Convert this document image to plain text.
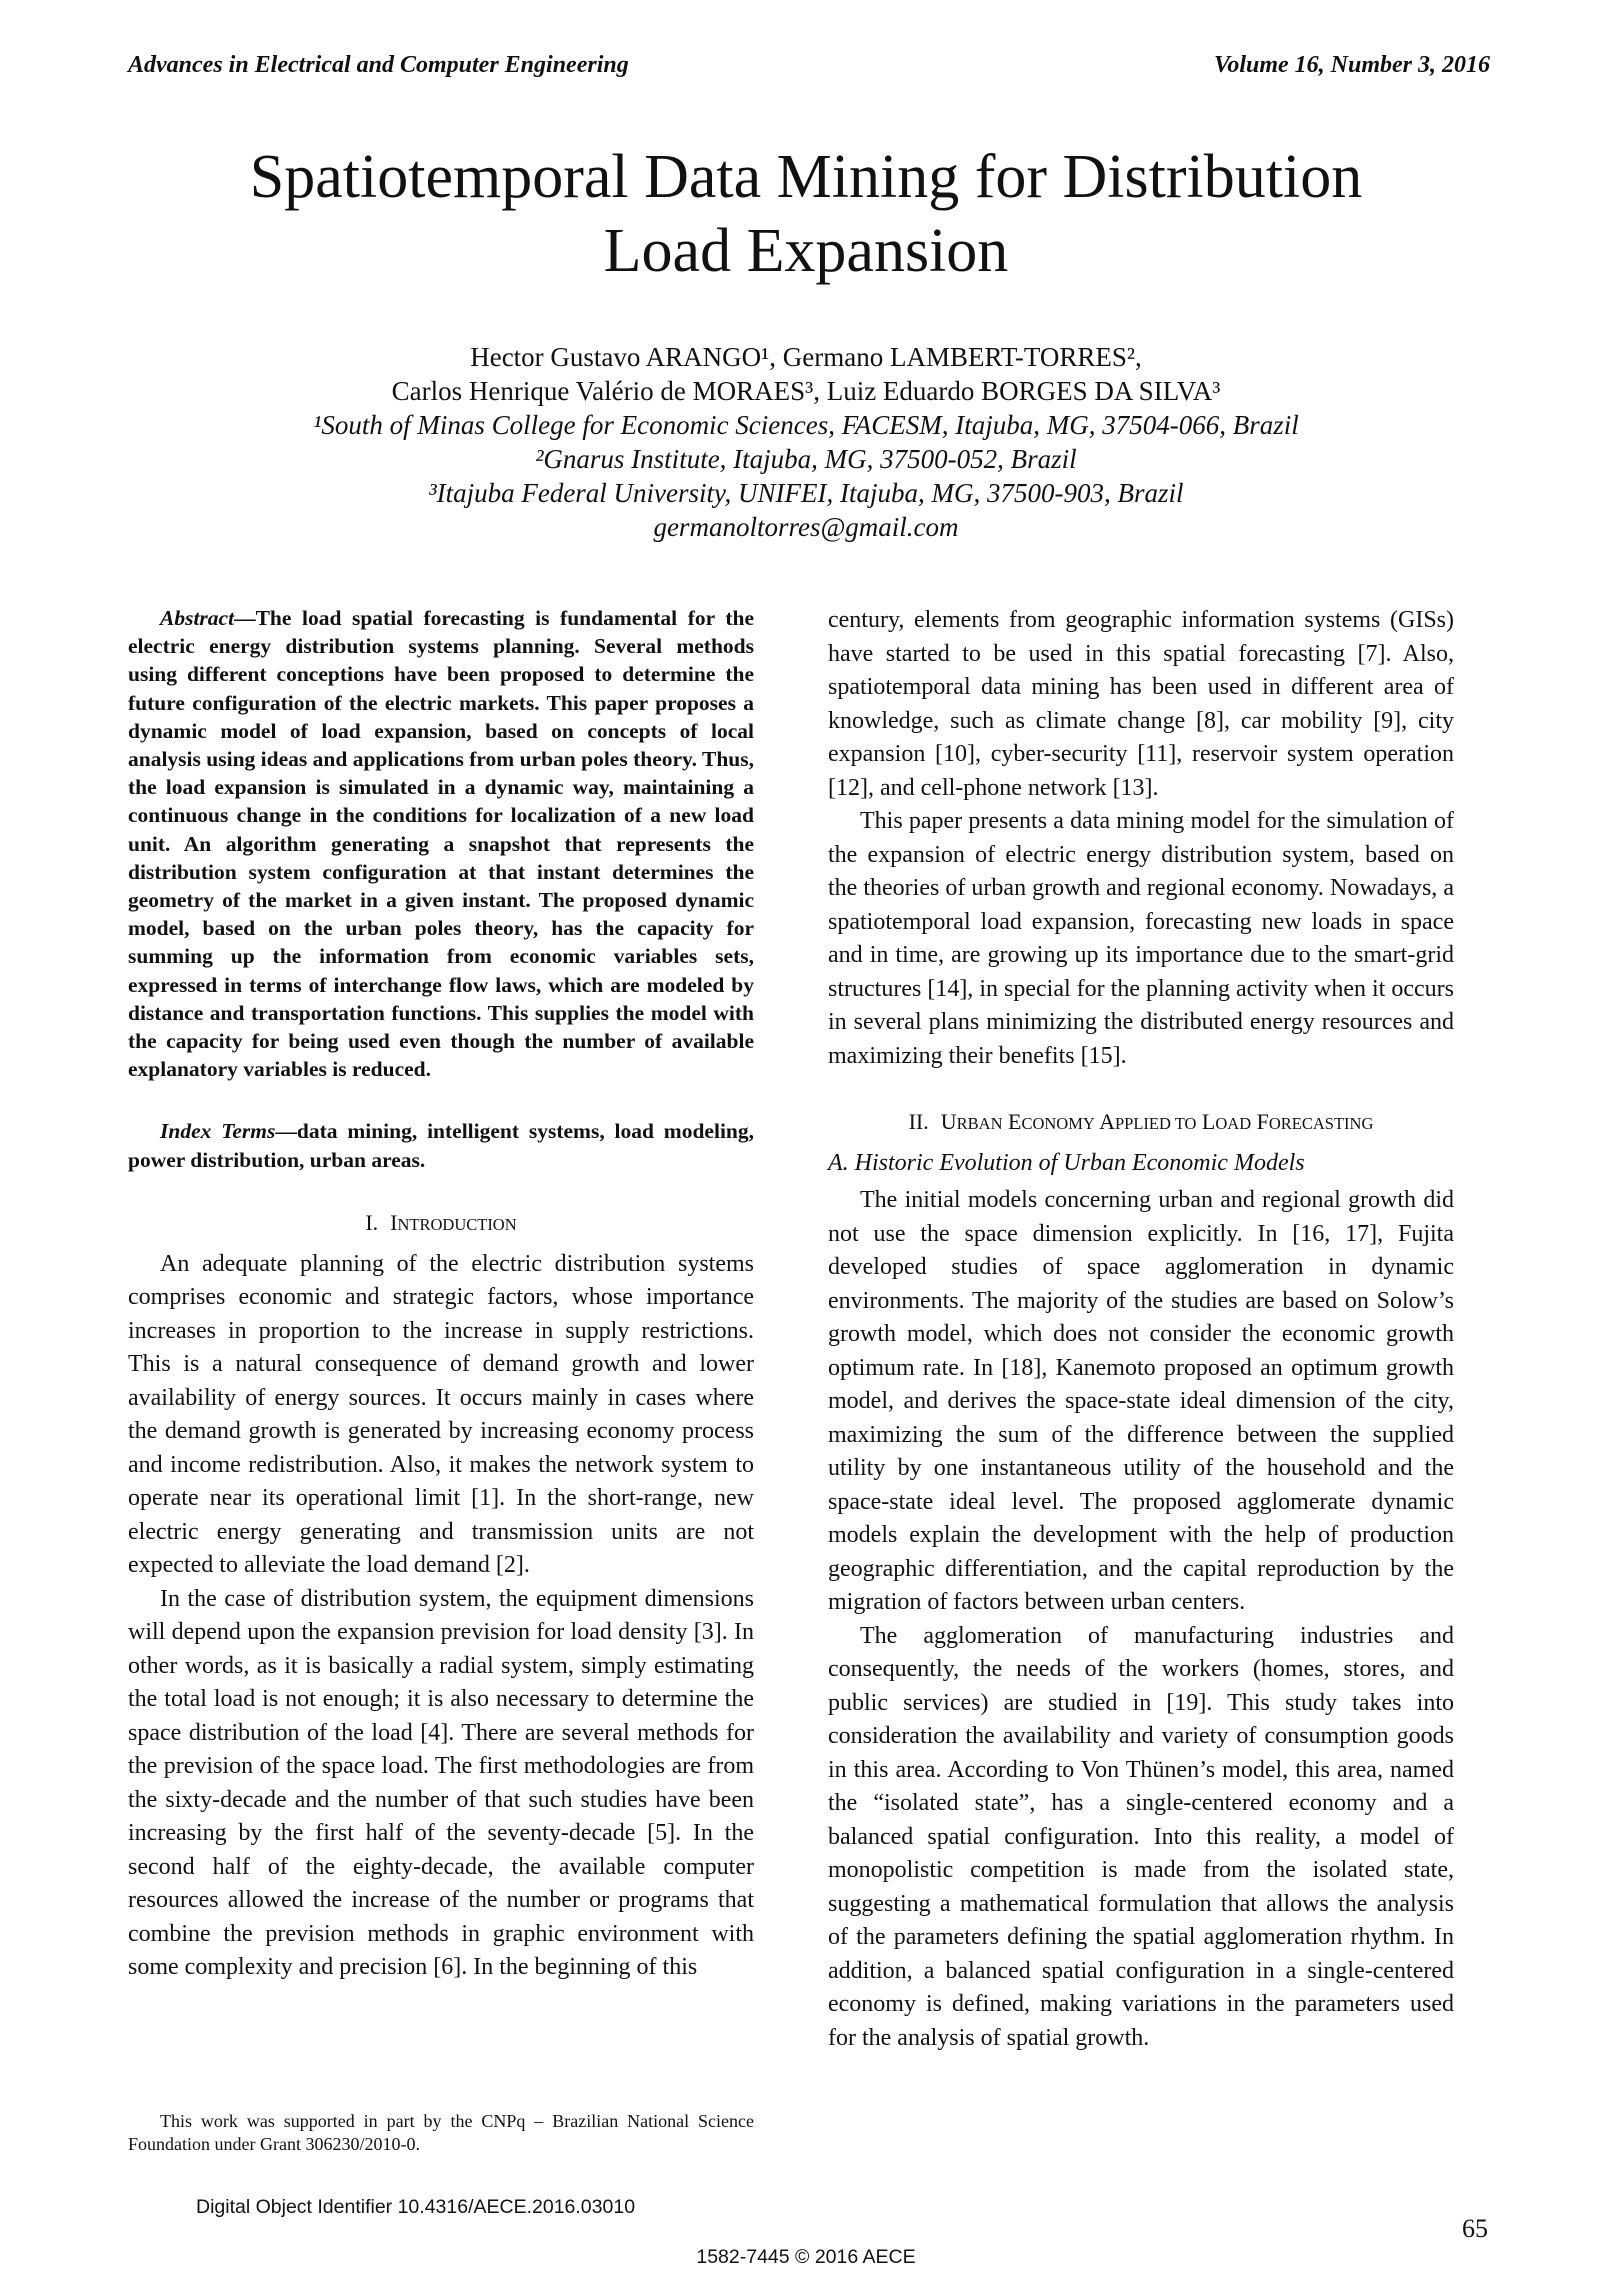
Advances in Electrical and Computer Engineering	Volume 16, Number 3, 2016
Spatiotemporal Data Mining for Distribution
Load Expansion
Hector Gustavo ARANGO¹, Germano LAMBERT-TORRES²,
Carlos Henrique Valério de MORAES³, Luiz Eduardo BORGES DA SILVA³
¹South of Minas College for Economic Sciences, FACESM, Itajuba, MG, 37504-066, Brazil
²Gnarus Institute, Itajuba, MG, 37500-052, Brazil
³Itajuba Federal University, UNIFEI, Itajuba, MG, 37500-903, Brazil
germanoltorres@gmail.com

Abstract—The load spatial forecasting is fundamental for the electric energy distribution systems planning. Several methods using different conceptions have been proposed to determine the future configuration of the electric markets. This paper proposes a dynamic model of load expansion, based on concepts of local analysis using ideas and applications from urban poles theory. Thus, the load expansion is simulated in a dynamic way, maintaining a continuous change in the conditions for localization of a new load unit. An algorithm generating a snapshot that represents the distribution system configuration at that instant determines the geometry of the market in a given instant. The proposed dynamic model, based on the urban poles theory, has the capacity for summing up the information from economic variables sets, expressed in terms of interchange flow laws, which are modeled by distance and transportation functions. This supplies the model with the capacity for being used even though the number of available explanatory variables is reduced.

Index Terms—data mining, intelligent systems, load modeling, power distribution, urban areas.

I. INTRODUCTION

An adequate planning of the electric distribution systems comprises economic and strategic factors, whose importance increases in proportion to the increase in supply restrictions. This is a natural consequence of demand growth and lower availability of energy sources. It occurs mainly in cases where the demand growth is generated by increasing economy process and income redistribution. Also, it makes the network system to operate near its operational limit [1]. In the short-range, new electric energy generating and transmission units are not expected to alleviate the load demand [2].

In the case of distribution system, the equipment dimensions will depend upon the expansion prevision for load density [3]. In other words, as it is basically a radial system, simply estimating the total load is not enough; it is also necessary to determine the space distribution of the load [4]. There are several methods for the prevision of the space load. The first methodologies are from the sixty-decade and the number of that such studies have been increasing by the first half of the seventy-decade [5]. In the second half of the eighty-decade, the available computer resources allowed the increase of the number or programs that combine the prevision methods in graphic environment with some complexity and precision [6]. In the beginning of this

century, elements from geographic information systems (GISs) have started to be used in this spatial forecasting [7]. Also, spatiotemporal data mining has been used in different area of knowledge, such as climate change [8], car mobility [9], city expansion [10], cyber-security [11], reservoir system operation [12], and cell-phone network [13].

This paper presents a data mining model for the simulation of the expansion of electric energy distribution system, based on the theories of urban growth and regional economy. Nowadays, a spatiotemporal load expansion, forecasting new loads in space and in time, are growing up its importance due to the smart-grid structures [14], in special for the planning activity when it occurs in several plans minimizing the distributed energy resources and maximizing their benefits [15].

II. URBAN ECONOMY APPLIED TO LOAD FORECASTING
A. Historic Evolution of Urban Economic Models

The initial models concerning urban and regional growth did not use the space dimension explicitly. In [16, 17], Fujita developed studies of space agglomeration in dynamic environments. The majority of the studies are based on Solow’s growth model, which does not consider the economic growth optimum rate. In [18], Kanemoto proposed an optimum growth model, and derives the space-state ideal dimension of the city, maximizing the sum of the difference between the supplied utility by one instantaneous utility of the household and the space-state ideal level. The proposed agglomerate dynamic models explain the development with the help of production geographic differentiation, and the capital reproduction by the migration of factors between urban centers.

The agglomeration of manufacturing industries and consequently, the needs of the workers (homes, stores, and public services) are studied in [19]. This study takes into consideration the availability and variety of consumption goods in this area. According to Von Thünen’s model, this area, named the “isolated state”, has a single-centered economy and a balanced spatial configuration. Into this reality, a model of monopolistic competition is made from the isolated state, suggesting a mathematical formulation that allows the analysis of the parameters defining the spatial agglomeration rhythm. In addition, a balanced spatial configuration in a single-centered economy is defined, making variations in the parameters used for the analysis of spatial growth.

This work was supported in part by the CNPq – Brazilian National Science Foundation under Grant 306230/2010-0.
Digital Object Identifier 10.4316/AECE.2016.03010
65
1582-7445 © 2016 AECE
